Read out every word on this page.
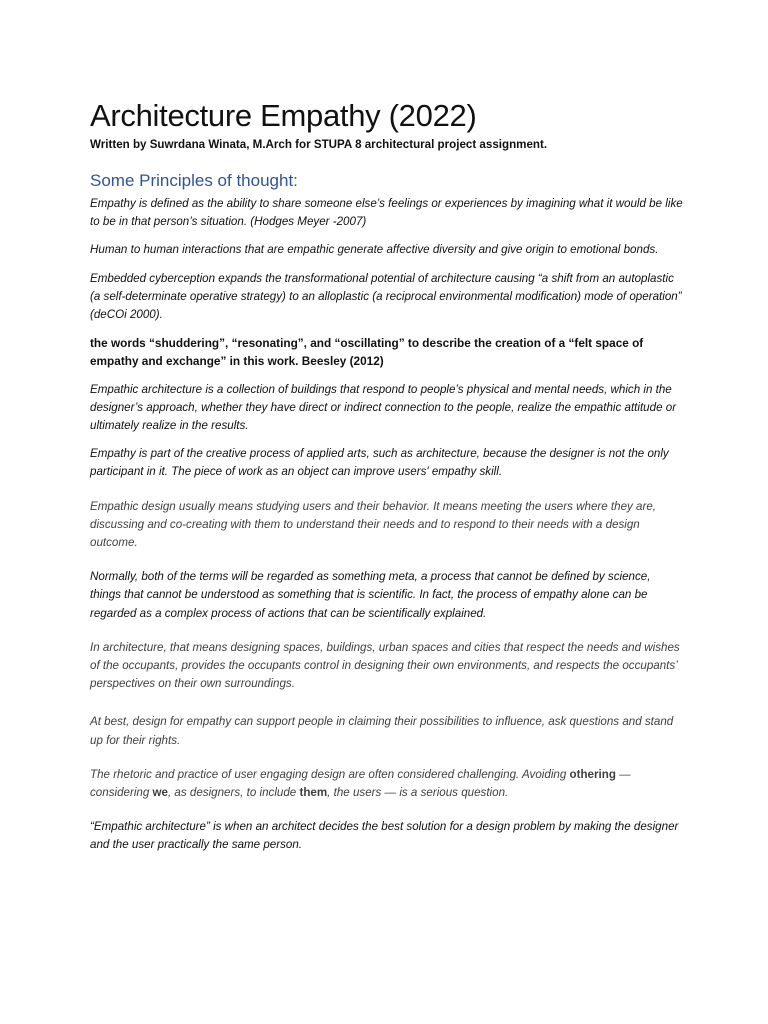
Architecture Empathy (2022)

Written by Suwrdana Winata, M.Arch for STUPA 8 architectural project assignment.

Some Principles of thought:

Empathy is defined as the ability to share someone else’s feelings or experiences by imagining what it would be like to be in that person’s situation. (Hodges Meyer -2007)

Human to human interactions that are empathic generate affective diversity and give origin to emotional bonds.

Embedded cyberception expands the transformational potential of architecture causing “a shift from an autoplastic (a self-determinate operative strategy) to an alloplastic (a reciprocal environmental modification) mode of operation” (deCOi 2000).

the words “shuddering”, “resonating”, and “oscillating” to describe the creation of a “felt space of empathy and exchange” in this work. Beesley (2012)

Empathic architecture is a collection of buildings that respond to people’s physical and mental needs, which in the designer’s approach, whether they have direct or indirect connection to the people, realize the empathic attitude or ultimately realize in the results.

Empathy is part of the creative process of applied arts, such as architecture, because the designer is not the only participant in it. The piece of work as an object can improve users' empathy skill.

Empathic design usually means studying users and their behavior. It means meeting the users where they are, discussing and co-creating with them to understand their needs and to respond to their needs with a design outcome.

Normally, both of the terms will be regarded as something meta, a process that cannot be defined by science, things that cannot be understood as something that is scientific. In fact, the process of empathy alone can be regarded as a complex process of actions that can be scientifically explained.

In architecture, that means designing spaces, buildings, urban spaces and cities that respect the needs and wishes of the occupants, provides the occupants control in designing their own environments, and respects the occupants’ perspectives on their own surroundings.

At best, design for empathy can support people in claiming their possibilities to influence, ask questions and stand up for their rights.

The rhetoric and practice of user engaging design are often considered challenging. Avoiding othering — considering we, as designers, to include them, the users — is a serious question.

“Empathic architecture” is when an architect decides the best solution for a design problem by making the designer and the user practically the same person.
